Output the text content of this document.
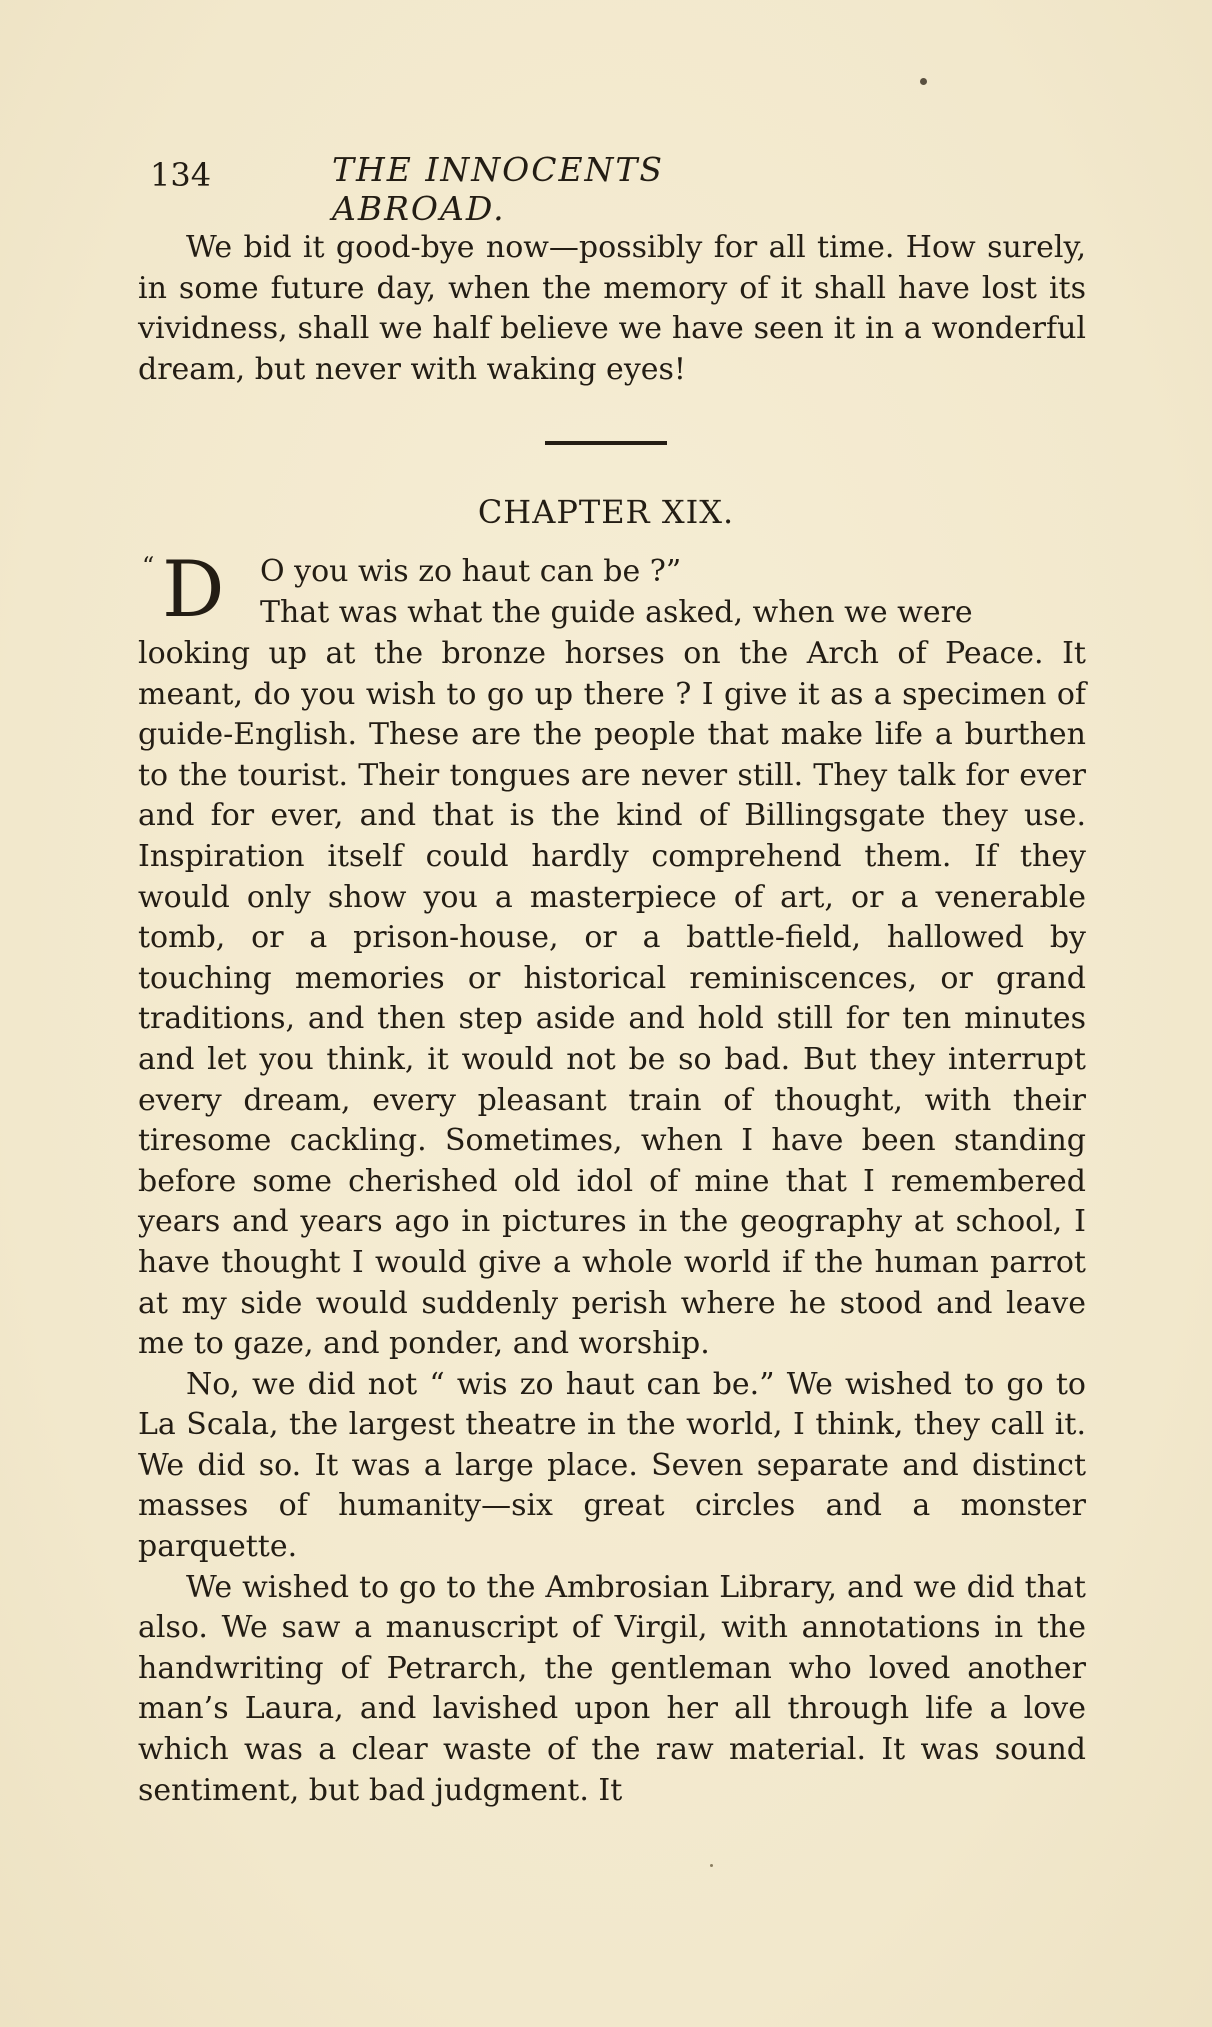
134	THE INNOCENTS ABROAD.

We bid it good-bye now—possibly for all time. How surely, in some future day, when the memory of it shall have lost its vividness, shall we half believe we have seen it in a wonderful dream, but never with waking eyes!

CHAPTER XIX.
“ D O you wis zo haut can be ?”
That was what the guide asked, when we were

looking up at the bronze horses on the Arch of Peace. It meant, do you wish to go up there ? I give it as a specimen of guide-English. These are the people that make life a burthen to the tourist. Their tongues are never still. They talk for ever and for ever, and that is the kind of Billingsgate they use. Inspiration itself could hardly comprehend them. If they would only show you a masterpiece of art, or a venerable tomb, or a prison-house, or a battle-field, hallowed by touching memories or historical reminiscences, or grand traditions, and then step aside and hold still for ten minutes and let you think, it would not be so bad. But they interrupt every dream, every pleasant train of thought, with their tiresome cackling. Sometimes, when I have been standing before some cherished old idol of mine that I remembered years and years ago in pictures in the geography at school, I have thought I would give a whole world if the human parrot at my side would suddenly perish where he stood and leave me to gaze, and ponder, and worship.

No, we did not “ wis zo haut can be.” We wished to go to La Scala, the largest theatre in the world, I think, they call it. We did so. It was a large place. Seven separate and distinct masses of humanity—six great circles and a monster parquette.

We wished to go to the Ambrosian Library, and we did that also. We saw a manuscript of Virgil, with annotations in the handwriting of Petrarch, the gentleman who loved another man’s Laura, and lavished upon her all through life a love which was a clear waste of the raw material. It was sound sentiment, but bad judgment. It
